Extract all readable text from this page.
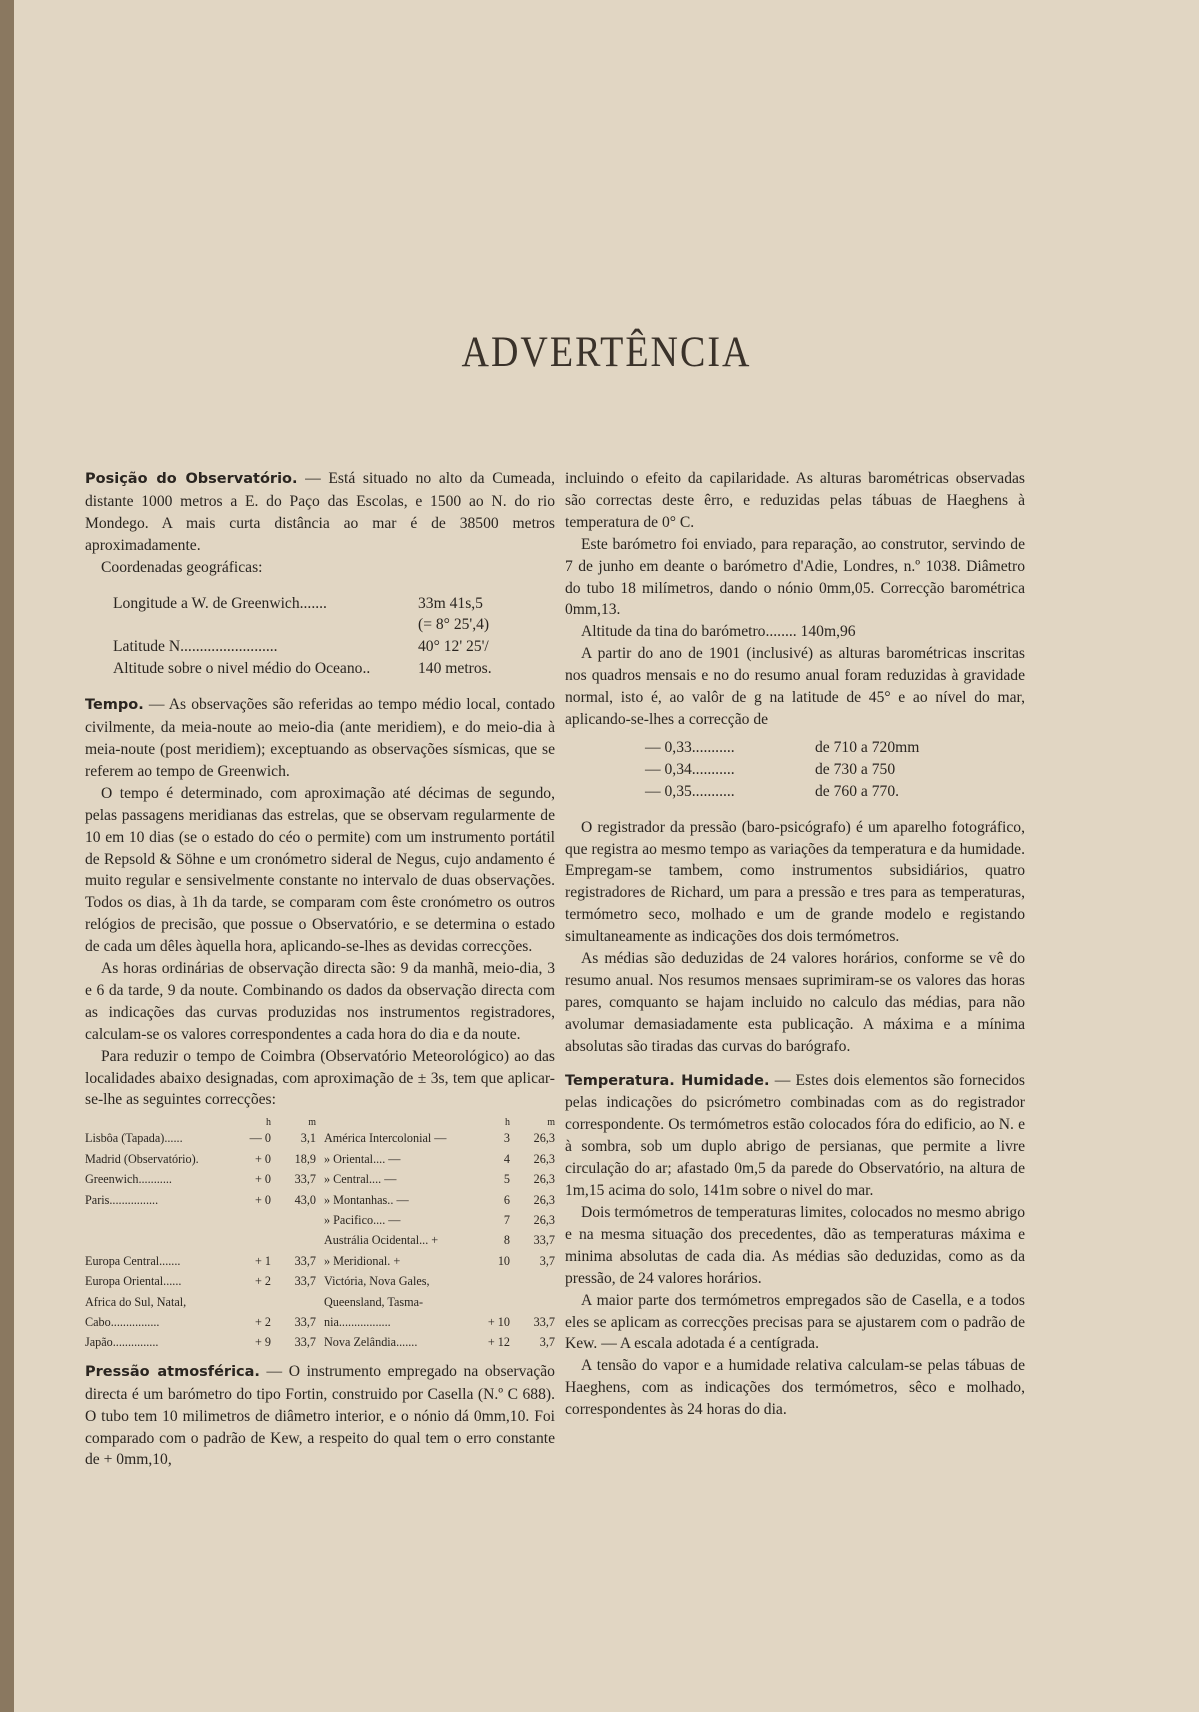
ADVERTÊNCIA

Posição do Observatório. — Está situado no alto da Cumeada, distante 1000 metros a E. do Paço das Escolas, e 1500 ao N. do rio Mondego. A mais curta distância ao mar é de 38500 metros aproximadamente.

Coordenadas geográficas:

Longitude a W. de Greenwich.......	33m 41s,5
(= 8° 25',4)
Latitude N.........................	40° 12' 25'/
Altitude sobre o nivel médio do Oceano..	140 metros.

Tempo. — As observações são referidas ao tempo médio local, contado civilmente, da meia-noute ao meio-dia (ante meridiem), e do meio-dia à meia-noute (post meridiem); exceptuando as observações sísmicas, que se referem ao tempo de Greenwich.

O tempo é determinado, com aproximação até décimas de segundo, pelas passagens meridianas das estrelas, que se observam regularmente de 10 em 10 dias (se o estado do céo o permite) com um instrumento portátil de Repsold & Söhne e um cronómetro sideral de Negus, cujo andamento é muito regular e sensivelmente constante no intervalo de duas observações. Todos os dias, à 1h da tarde, se comparam com êste cronómetro os outros relógios de precisão, que possue o Observatório, e se determina o estado de cada um dêles àquella hora, aplicando-se-lhes as devidas correcções.

As horas ordinárias de observação directa são: 9 da manhã, meio-dia, 3 e 6 da tarde, 9 da noute. Combinando os dados da observação directa com as indicações das curvas produzidas nos instrumentos registradores, calculam-se os valores correspondentes a cada hora do dia e da noute.

Para reduzir o tempo de Coimbra (Observatório Meteorológico) ao das localidades abaixo designadas, com aproximação de ± 3s, tem que aplicar-se-lhe as seguintes correcções:

h	m
Lisbôa (Tapada)......	— 0	3,1
Madrid (Observatório).	+ 0	18,9
Greenwich...........	+ 0	33,7
Paris................	+ 0	43,0
Europa Central.......	+ 1	33,7
Europa Oriental......	+ 2	33,7
Africa do Sul, Natal,
Cabo................	+ 2	33,7
Japão...............	+ 9	33,7
h	m
América Intercolonial —	3	26,3
» Oriental.... —	4	26,3
» Central.... —	5	26,3
» Montanhas.. —	6	26,3
» Pacifico.... —	7	26,3
Austrália Ocidental... +	8	33,7
» Meridional. +	10	3,7
Victória, Nova Gales,
Queensland, Tasma-
nia.................	+ 10	33,7
Nova Zelândia.......	+ 12	3,7

Pressão atmosférica. — O instrumento empregado na observação directa é um barómetro do tipo Fortin, construido por Casella (N.º C 688). O tubo tem 10 milimetros de diâmetro interior, e o nónio dá 0mm,10. Foi comparado com o padrão de Kew, a respeito do qual tem o erro constante de + 0mm,10,

incluindo o efeito da capilaridade. As alturas barométricas observadas são correctas deste êrro, e reduzidas pelas tábuas de Haeghens à temperatura de 0° C.

Este barómetro foi enviado, para reparação, ao construtor, servindo de 7 de junho em deante o barómetro d'Adie, Londres, n.º 1038. Diâmetro do tubo 18 milímetros, dando o nónio 0mm,05. Correcção barométrica 0mm,13.

Altitude da tina do barómetro........ 140m,96

A partir do ano de 1901 (inclusivé) as alturas barométricas inscritas nos quadros mensais e no do resumo anual foram reduzidas à gravidade normal, isto é, ao valôr de g na latitude de 45° e ao nível do mar, aplicando-se-lhes a correcção de

— 0,33...........	de 710 a 720mm
— 0,34...........	de 730 a 750
— 0,35...........	de 760 a 770.

O registrador da pressão (baro-psicógrafo) é um aparelho fotográfico, que registra ao mesmo tempo as variações da temperatura e da humidade. Empregam-se tambem, como instrumentos subsidiários, quatro registradores de Richard, um para a pressão e tres para as temperaturas, termómetro seco, molhado e um de grande modelo e registando simultaneamente as indicações dos dois termómetros.

As médias são deduzidas de 24 valores horários, conforme se vê do resumo anual. Nos resumos mensaes suprimiram-se os valores das horas pares, comquanto se hajam incluido no calculo das médias, para não avolumar demasiadamente esta publicação. A máxima e a mínima absolutas são tiradas das curvas do barógrafo.

Temperatura. Humidade. — Estes dois elementos são fornecidos pelas indicações do psicrómetro combinadas com as do registrador correspondente. Os termómetros estão colocados fóra do edificio, ao N. e à sombra, sob um duplo abrigo de persianas, que permite a livre circulação do ar; afastado 0m,5 da parede do Observatório, na altura de 1m,15 acima do solo, 141m sobre o nivel do mar.

Dois termómetros de temperaturas limites, colocados no mesmo abrigo e na mesma situação dos precedentes, dão as temperaturas máxima e minima absolutas de cada dia. As médias são deduzidas, como as da pressão, de 24 valores horários.

A maior parte dos termómetros empregados são de Casella, e a todos eles se aplicam as correcções precisas para se ajustarem com o padrão de Kew. — A escala adotada é a centígrada.

A tensão do vapor e a humidade relativa calculam-se pelas tábuas de Haeghens, com as indicações dos termómetros, sêco e molhado, correspondentes às 24 horas do dia.
